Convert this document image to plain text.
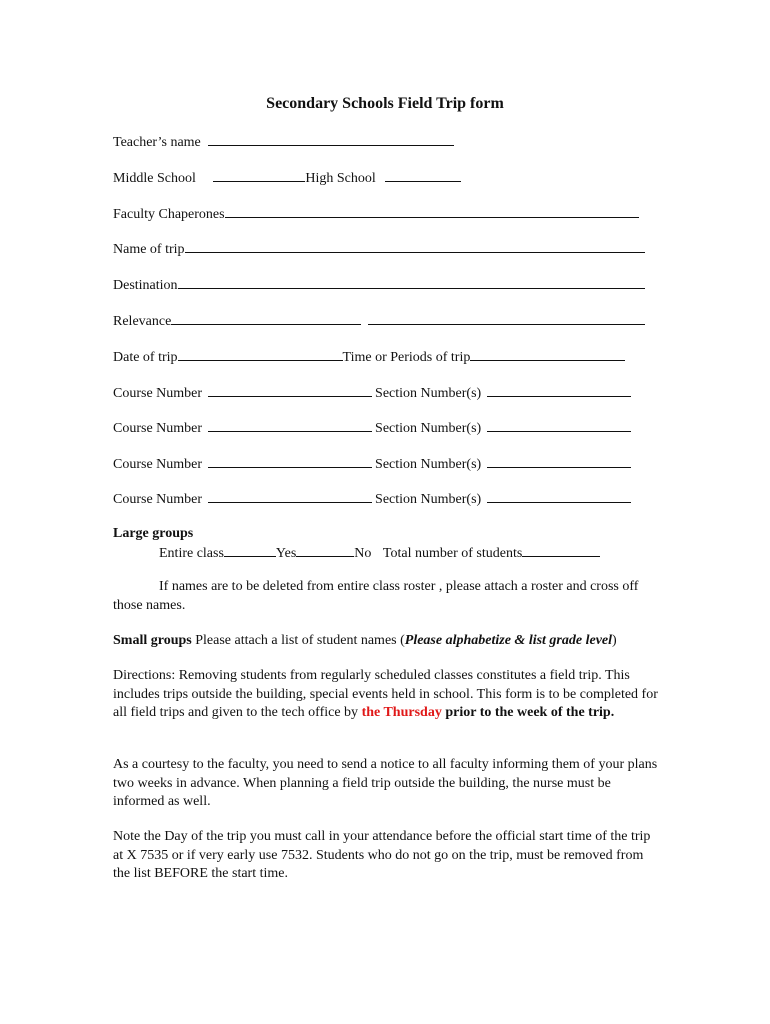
Secondary Schools Field Trip form
Teacher’s name
Middle School	High School
Faculty Chaperones
Name of trip
Destination
Relevance
Date of trip	Time or Periods of trip
Course Number	Section Number(s)
Course Number	Section Number(s)
Course Number	Section Number(s)
Course Number	Section Number(s)
Large groups
Entire class	Yes	No Total number of students
If names are to be deleted from entire class roster , please attach a roster and cross off those names.
Small groups Please attach a list of student names (Please alphabetize & list grade level)
Directions: Removing students from regularly scheduled classes constitutes a field trip. This includes trips outside the building, special events held in school. This form is to be completed for all field trips and given to the tech office by the Thursday prior to the week of the trip.
As a courtesy to the faculty, you need to send a notice to all faculty informing them of your plans two weeks in advance. When planning a field trip outside the building, the nurse must be informed as well.
Note the Day of the trip you must call in your attendance before the official start time of the trip at X 7535 or if very early use 7532. Students who do not go on the trip, must be removed from the list BEFORE the start time.
